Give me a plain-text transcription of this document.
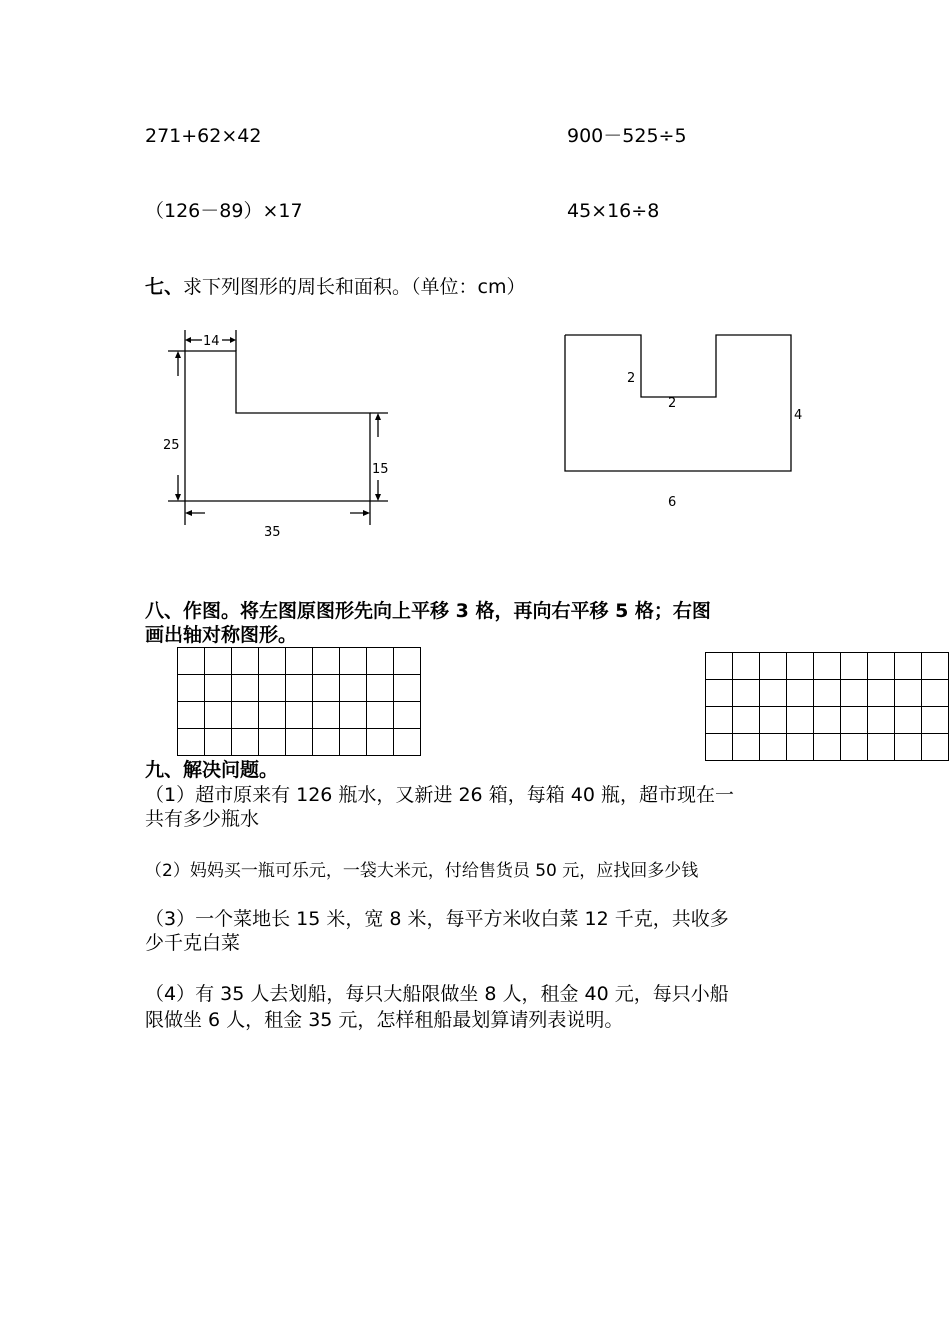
271+62×42	900－525÷5
（126－89）×17	45×16÷8
七、求下列图形的周长和面积。（单位：cm）
14
25
15
35
2
2
4
6
八、作图。将左图原图形先向上平移 3 格，再向右平移 5 格；右图
画出轴对称图形。

九、解决问题。
（1）超市原来有 126 瓶水，又新进 26 箱，每箱 40 瓶，超市现在一
共有多少瓶水
（2）妈妈买一瓶可乐元，一袋大米元，付给售货员 50 元，应找回多少钱
（3）一个菜地长 15 米，宽 8 米，每平方米收白菜 12 千克，共收多
少千克白菜
（4）有 35 人去划船，每只大船限做坐 8 人，租金 40 元，每只小船
限做坐 6 人，租金 35 元，怎样租船最划算请列表说明。
